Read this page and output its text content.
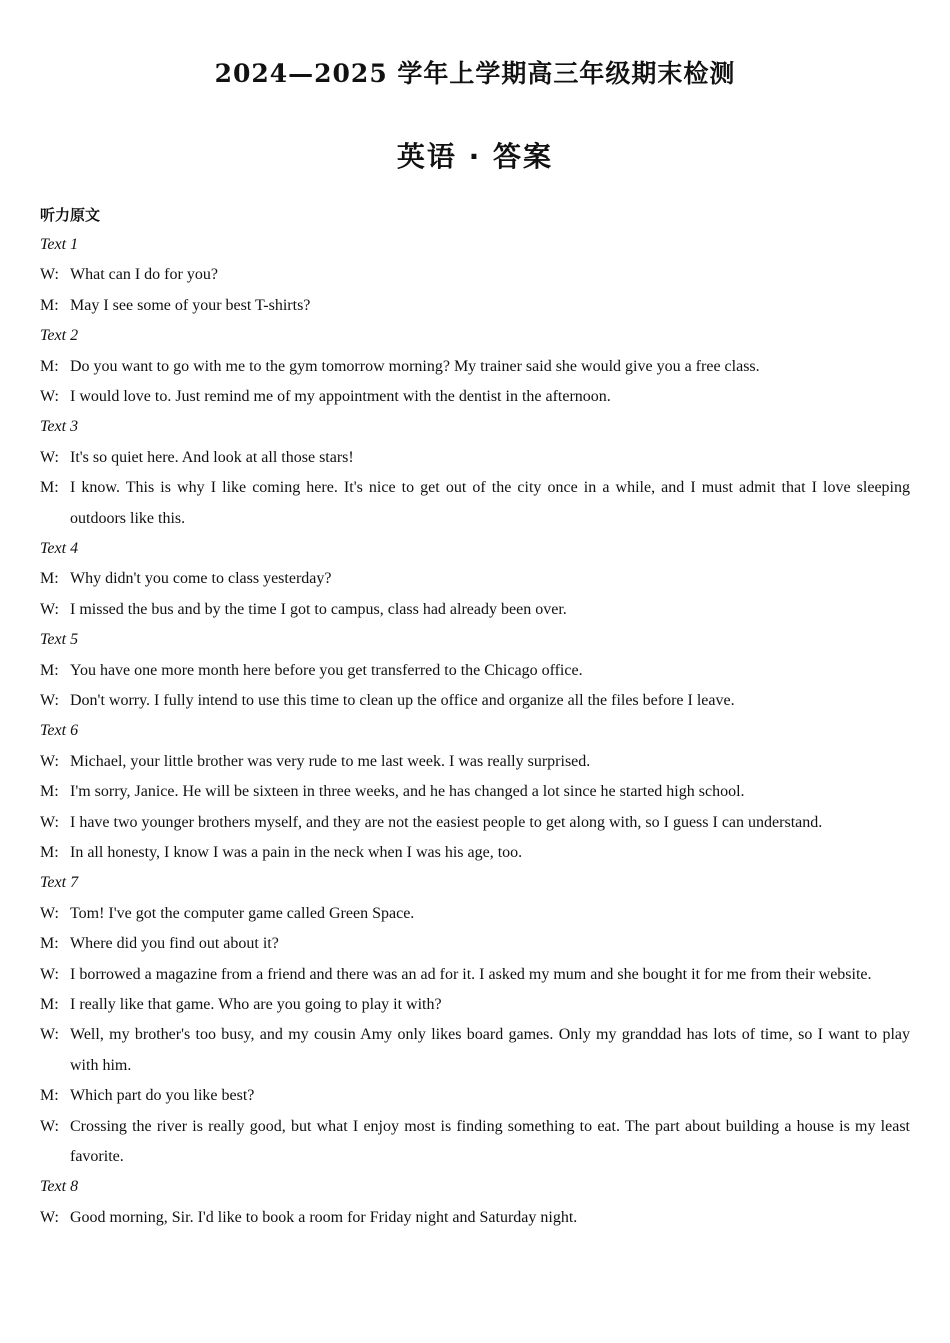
2024—2025 学年上学期高三年级期末检测
英语 · 答案
听力原文
Text 1
W: What can I do for you?
M: May I see some of your best T-shirts?
Text 2
M: Do you want to go with me to the gym tomorrow morning? My trainer said she would give you a free class.
W: I would love to. Just remind me of my appointment with the dentist in the afternoon.
Text 3
W: It's so quiet here. And look at all those stars!
M: I know. This is why I like coming here. It's nice to get out of the city once in a while, and I must admit that I love sleeping outdoors like this.
Text 4
M: Why didn't you come to class yesterday?
W: I missed the bus and by the time I got to campus, class had already been over.
Text 5
M: You have one more month here before you get transferred to the Chicago office.
W: Don't worry. I fully intend to use this time to clean up the office and organize all the files before I leave.
Text 6
W: Michael, your little brother was very rude to me last week. I was really surprised.
M: I'm sorry, Janice. He will be sixteen in three weeks, and he has changed a lot since he started high school.
W: I have two younger brothers myself, and they are not the easiest people to get along with, so I guess I can understand.
M: In all honesty, I know I was a pain in the neck when I was his age, too.
Text 7
W: Tom! I've got the computer game called Green Space.
M: Where did you find out about it?
W: I borrowed a magazine from a friend and there was an ad for it. I asked my mum and she bought it for me from their website.
M: I really like that game. Who are you going to play it with?
W: Well, my brother's too busy, and my cousin Amy only likes board games. Only my granddad has lots of time, so I want to play with him.
M: Which part do you like best?
W: Crossing the river is really good, but what I enjoy most is finding something to eat. The part about building a house is my least favorite.
Text 8
W: Good morning, Sir. I'd like to book a room for Friday night and Saturday night.
